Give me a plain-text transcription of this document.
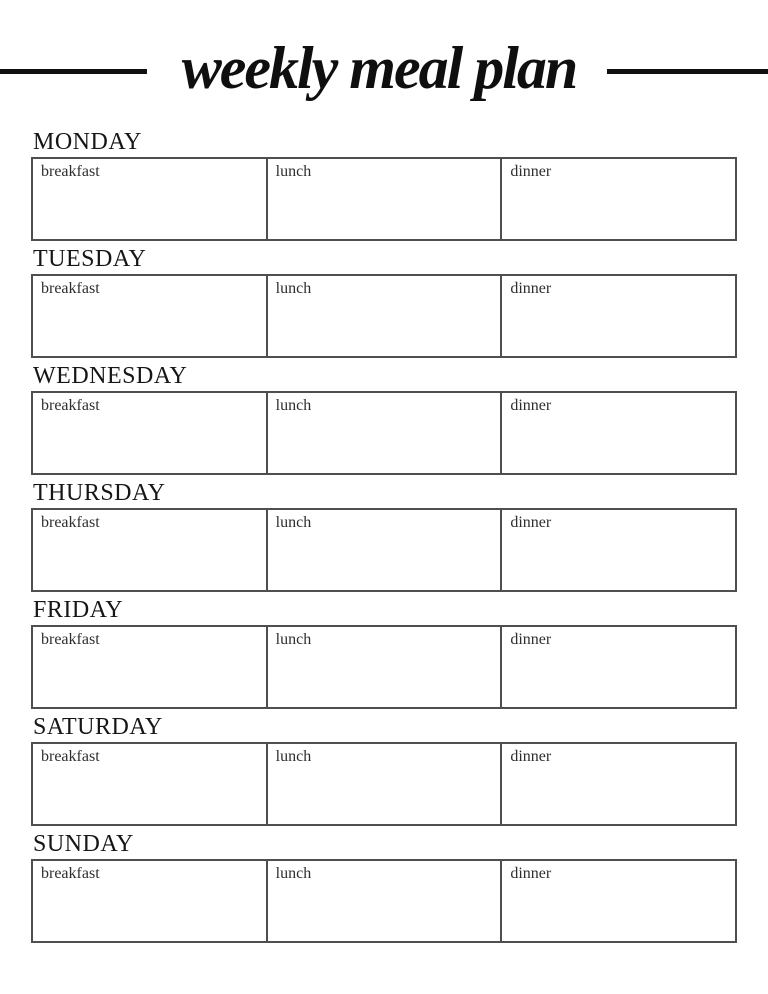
weekly meal plan
MONDAY
breakfast	lunch	dinner
TUESDAY
breakfast	lunch	dinner
WEDNESDAY
breakfast	lunch	dinner
THURSDAY
breakfast	lunch	dinner
FRIDAY
breakfast	lunch	dinner
SATURDAY
breakfast	lunch	dinner
SUNDAY
breakfast	lunch	dinner
